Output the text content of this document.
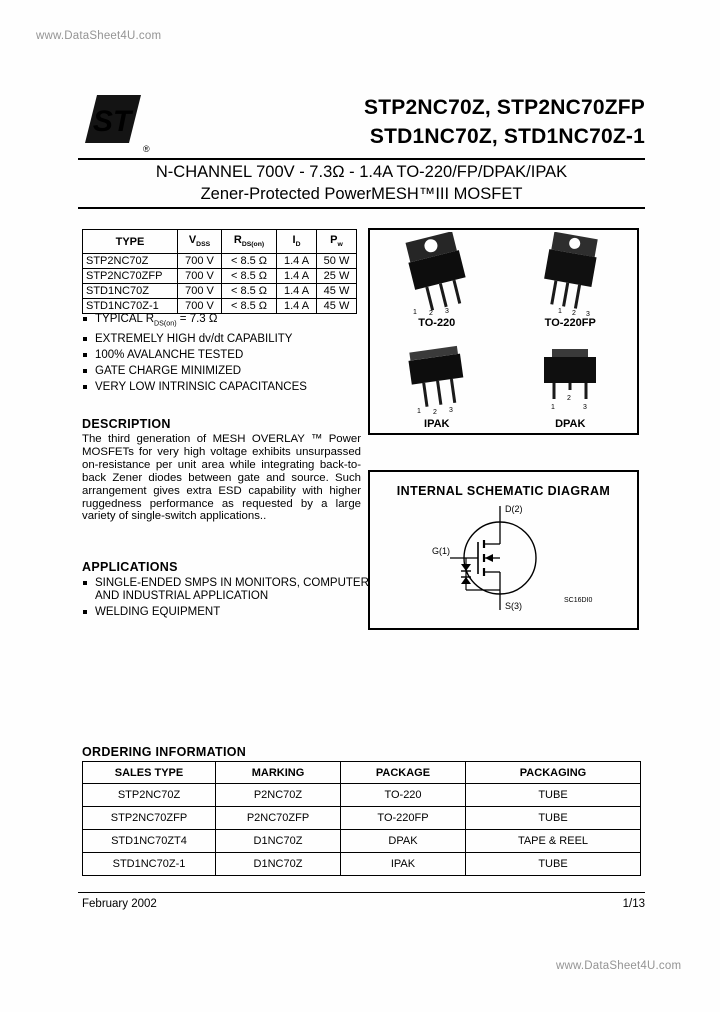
www.DataSheet4U.com
ST
®
STP2NC70Z, STP2NC70ZFP
STD1NC70Z, STD1NC70Z-1
N-CHANNEL 700V - 7.3Ω - 1.4A TO-220/FP/DPAK/IPAK
Zener-Protected PowerMESH™III MOSFET
TYPE	$V_{DSS}$	$R_{DS(on)}$	$I_D$	$P_w$
STP2NC70Z	700 V	< 8.5 Ω	1.4 A	50 W
STP2NC70ZFP	700 V	< 8.5 Ω	1.4 A	25 W
STD1NC70Z	700 V	< 8.5 Ω	1.4 A	45 W
STD1NC70Z-1	700 V	< 8.5 Ω	1.4 A	45 W
TYPICAL $R_{DS(on)} = 7.3$ Ω
EXTREMELY HIGH dv/dt CAPABILITY
100% AVALANCHE TESTED
GATE CHARGE MINIMIZED
VERY LOW INTRINSIC CAPACITANCES
DESCRIPTION
The third generation of MESH OVERLAY ™ Power MOSFETs for very high voltage exhibits unsurpassed on-resistance per unit area while integrating back-to-back Zener diodes between gate and source. Such arrangement gives extra ESD capability with higher ruggedness performance as requested by a large variety of single-switch applications..
APPLICATIONS
SINGLE-ENDED SMPS IN MONITORS, COMPUTER AND INDUSTRIAL APPLICATION
WELDING EQUIPMENT
1 2 3
TO-220
1 2 3
TO-220FP
1 2 3
IPAK
1
2
3
DPAK
INTERNAL SCHEMATIC DIAGRAM
D(2)
G(1)
S(3)
SC16DI0
ORDERING INFORMATION
SALES TYPE	MARKING	PACKAGE	PACKAGING
STP2NC70Z	P2NC70Z	TO-220	TUBE
STP2NC70ZFP	P2NC70ZFP	TO-220FP	TUBE
STD1NC70ZT4	D1NC70Z	DPAK	TAPE & REEL
STD1NC70Z-1	D1NC70Z	IPAK	TUBE
February 2002	1/13
www.DataSheet4U.com
